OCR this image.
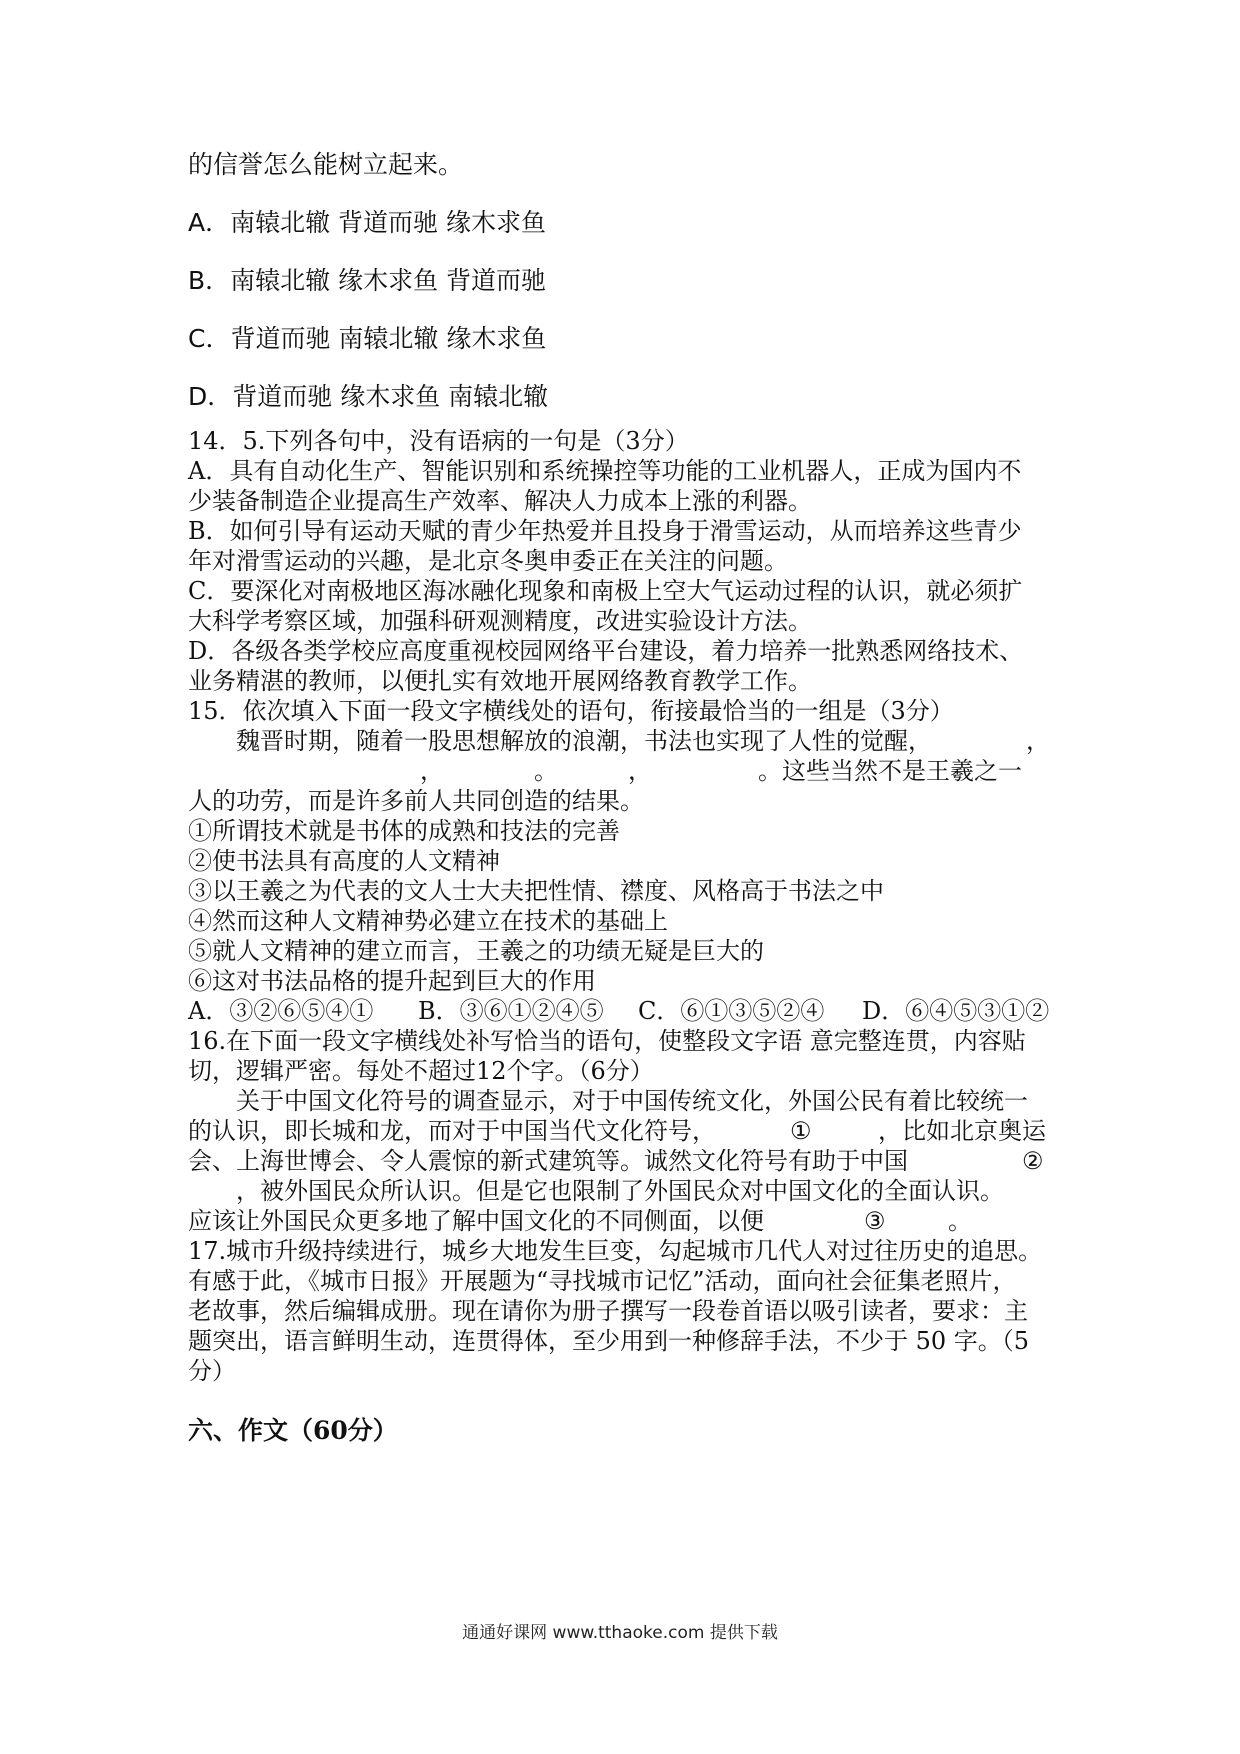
的信誉怎么能树立起来。
A．南辕北辙 背道而驰 缘木求鱼
B．南辕北辙 缘木求鱼 背道而驰
C．背道而驰 南辕北辙 缘木求鱼
D．背道而驰 缘木求鱼 南辕北辙
14．5.下列各句中，没有语病的一句是（3分）
A．具有自动化生产、智能识别和系统操控等功能的工业机器人，正成为国内不
少装备制造企业提高生产效率、解决人力成本上涨的利器。
B．如何引导有运动天赋的青少年热爱并且投身于滑雪运动，从而培养这些青少
年对滑雪运动的兴趣，是北京冬奥申委正在关注的问题。
C．要深化对南极地区海冰融化现象和南极上空大气运动过程的认识，就必须扩
大科学考察区域，加强科研观测精度，改进实验设计方法。
D．各级各类学校应高度重视校园网络平台建设，着力培养一批熟悉网络技术、
业务精湛的教师，以便扎实有效地开展网络教育教学工作。
15．依次填入下面一段文字横线处的语句，衔接最恰当的一组是（3分）
魏晋时期，随着一股思想解放的浪潮，书法也实现了人性的觉醒，	，
，	。	，	。这些当然不是王羲之一
人的功劳，而是许多前人共同创造的结果。
①所谓技术就是书体的成熟和技法的完善
②使书法具有高度的人文精神
③以王羲之为代表的文人士大夫把性情、襟度、风格高于书法之中
④然而这种人文精神势必建立在技术的基础上
⑤就人文精神的建立而言，王羲之的功绩无疑是巨大的
⑥这对书法品格的提升起到巨大的作用
A．③②⑥⑤④① B．③⑥①②④⑤ C．⑥①③⑤②④ D．⑥④⑤③①②
16.在下面一段文字横线处补写恰当的语句，使整段文字语 意完整连贯，内容贴
切，逻辑严密。每处不超过12个字。（6分）
关于中国文化符号的调查显示，对于中国传统文化，外国公民有着比较统一
的认识，即长城和龙，而对于中国当代文化符号，	①	，比如北京奥运
会、上海世博会、令人震惊的新式建筑等。诚然文化符号有助于中国	②
，被外国民众所认识。但是它也限制了外国民众对中国文化的全面认识。
应该让外国民众更多地了解中国文化的不同侧面，以便	③	。
17.城市升级持续进行，城乡大地发生巨变，勾起城市几代人对过往历史的追思。
有感于此，《城市日报》开展题为“寻找城市记忆”活动，面向社会征集老照片，
老故事，然后编辑成册。现在请你为册子撰写一段卷首语以吸引读者，要求：主
题突出，语言鲜明生动，连贯得体，至少用到一种修辞手法，不少于 50 字。（5
分）
六、作文（60分）
通通好课网 www.tthaoke.com 提供下载
